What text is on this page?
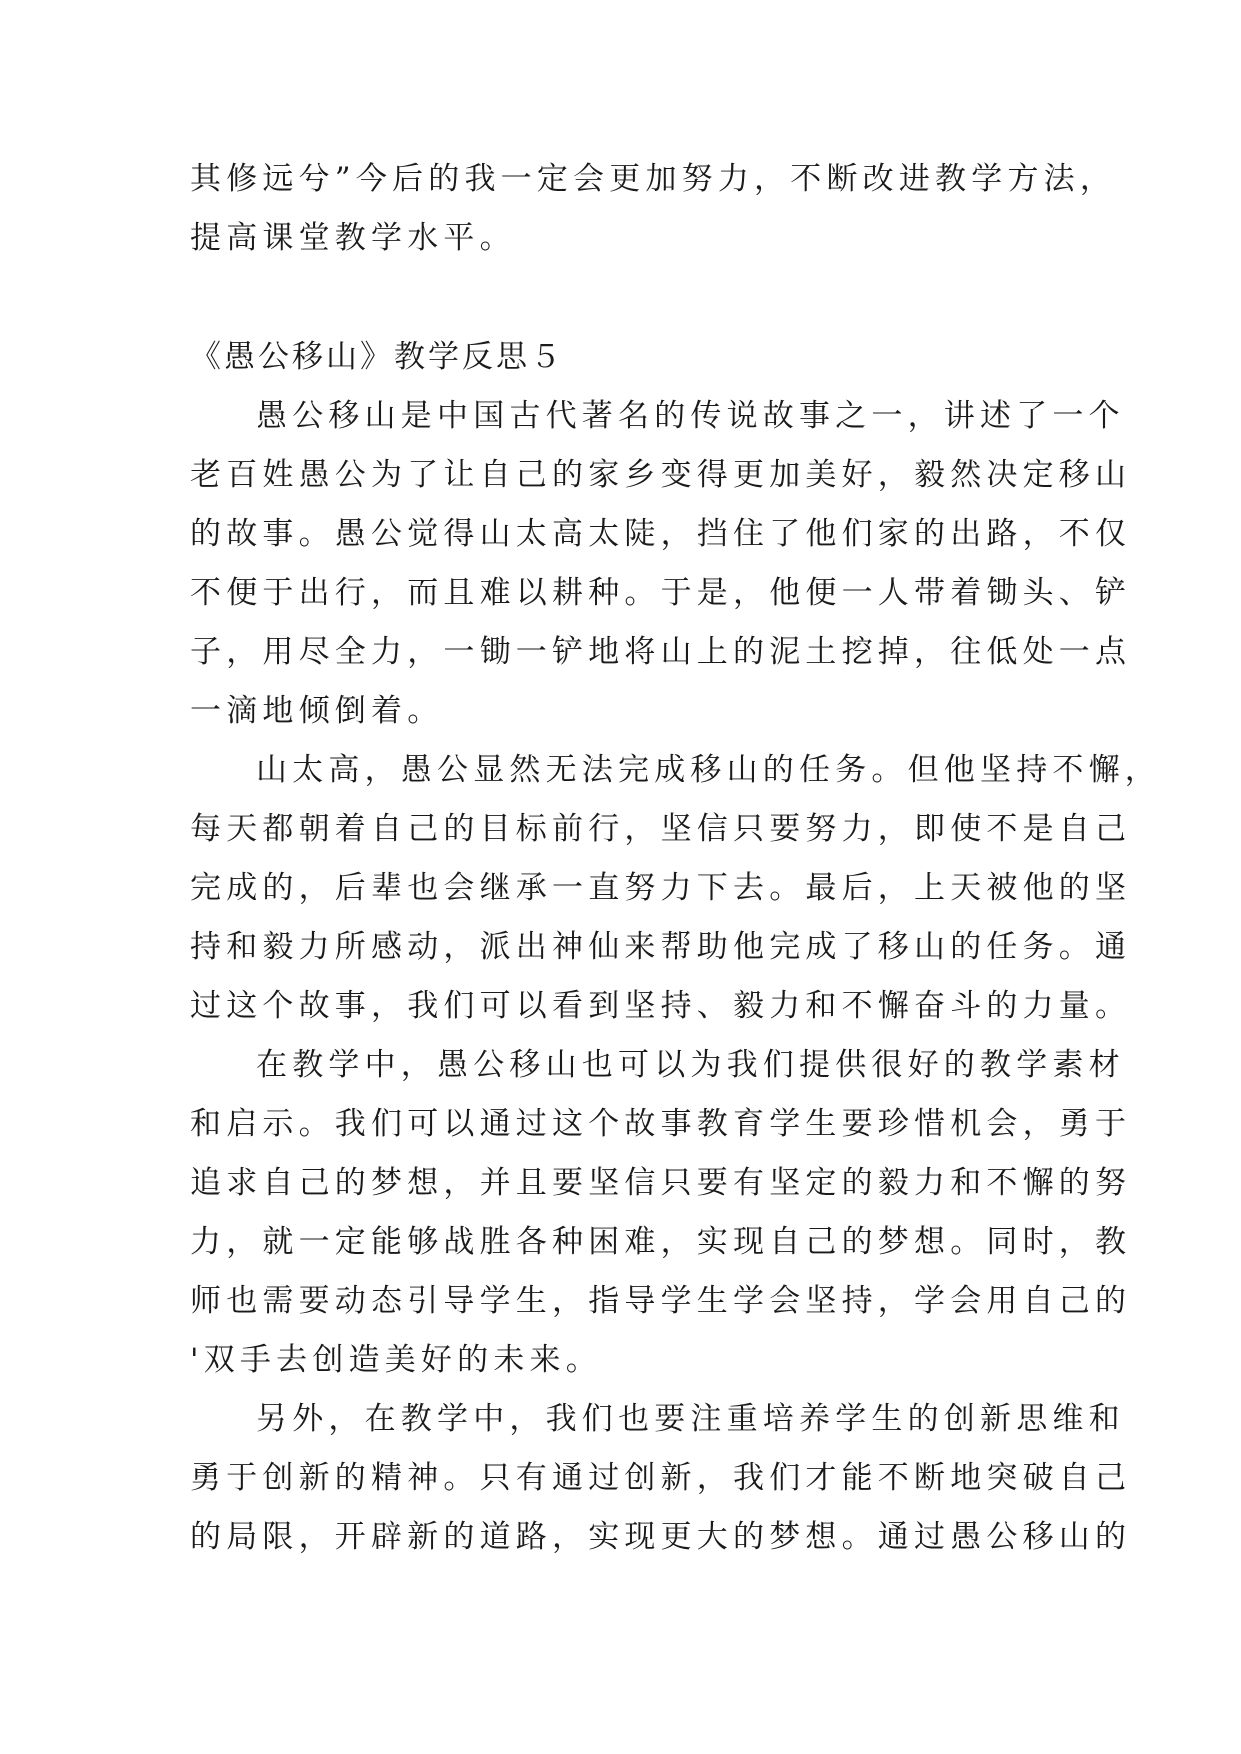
其修远兮”今后的我一定会更加努力，不断改进教学方法，
提高课堂教学水平。
《愚公移山》教学反思５
愚公移山是中国古代著名的传说故事之一，讲述了一个
老百姓愚公为了让自己的家乡变得更加美好，毅然决定移山
的故事。愚公觉得山太高太陡，挡住了他们家的出路，不仅
不便于出行，而且难以耕种。于是，他便一人带着锄头、铲
子，用尽全力，一锄一铲地将山上的泥土挖掉，往低处一点
一滴地倾倒着。
山太高，愚公显然无法完成移山的任务。但他坚持不懈，
每天都朝着自己的目标前行，坚信只要努力，即使不是自己
完成的，后辈也会继承一直努力下去。最后，上天被他的坚
持和毅力所感动，派出神仙来帮助他完成了移山的任务。通
过这个故事，我们可以看到坚持、毅力和不懈奋斗的力量。
在教学中，愚公移山也可以为我们提供很好的教学素材
和启示。我们可以通过这个故事教育学生要珍惜机会，勇于
追求自己的梦想，并且要坚信只要有坚定的毅力和不懈的努
力，就一定能够战胜各种困难，实现自己的梦想。同时，教
师也需要动态引导学生，指导学生学会坚持，学会用自己的
'双手去创造美好的未来。
另外，在教学中，我们也要注重培养学生的创新思维和
勇于创新的精神。只有通过创新，我们才能不断地突破自己
的局限，开辟新的道路，实现更大的梦想。通过愚公移山的
